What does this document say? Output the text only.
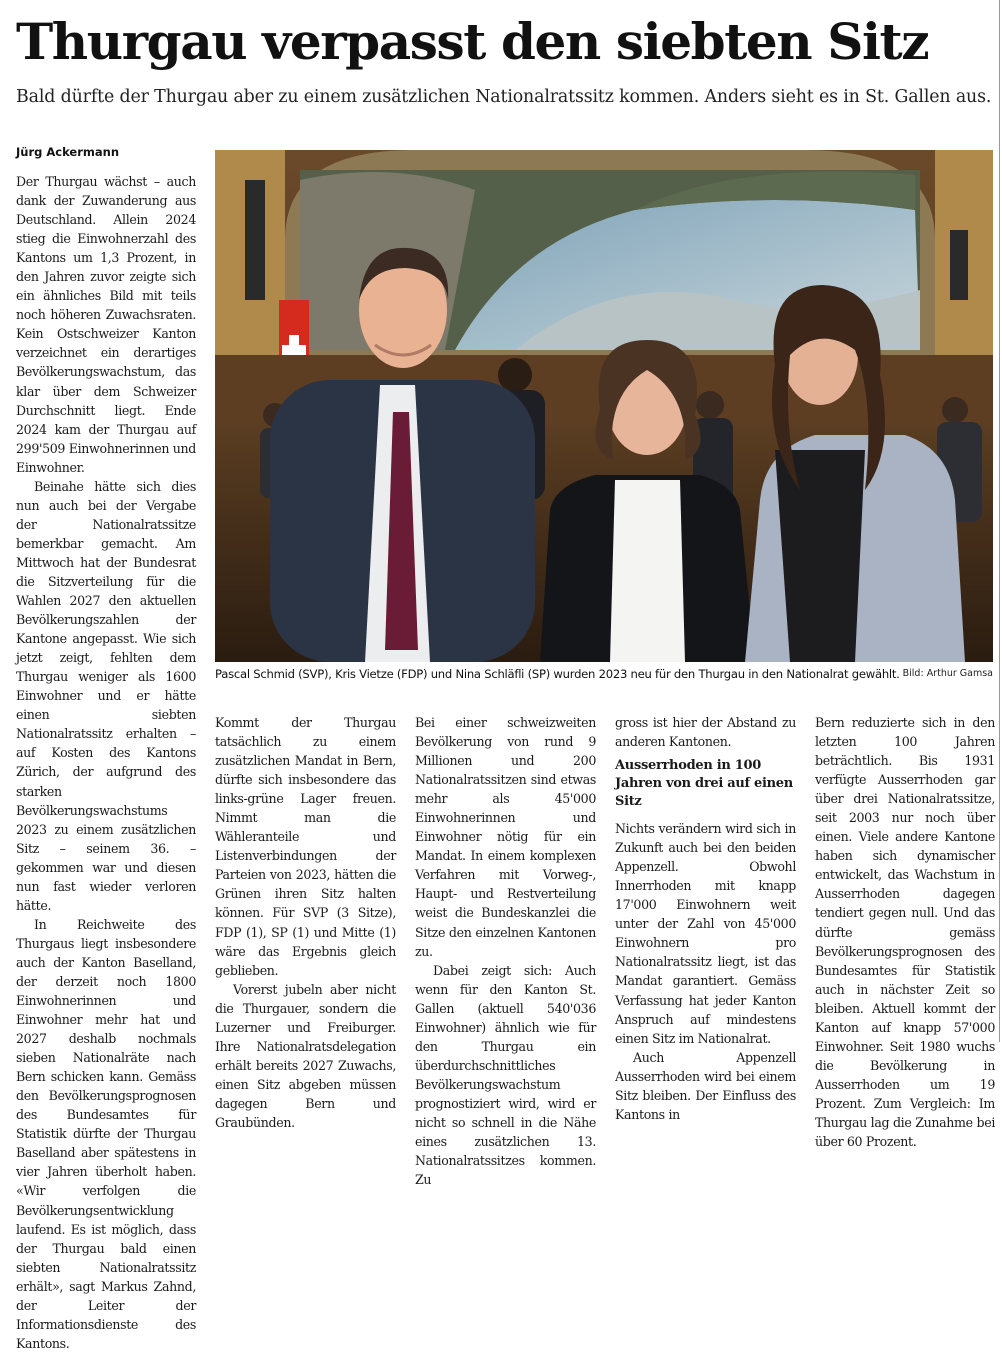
Thurgau verpasst den siebten Sitz
Bald dürfte der Thurgau aber zu einem zusätzlichen Nationalratssitz kommen. Anders sieht es in St. Gallen aus.
Jürg Ackermann

Der Thurgau wächst – auch dank der Zuwanderung aus Deutschland. Allein 2024 stieg die Einwohnerzahl des Kantons um 1,3 Prozent, in den Jahren zuvor zeigte sich ein ähnliches Bild mit teils noch höheren Zuwachsraten. Kein Ostschweizer Kanton verzeichnet ein derartiges Bevölkerungswachstum, das klar über dem Schweizer Durchschnitt liegt. Ende 2024 kam der Thurgau auf 299'509 Einwohnerinnen und Einwohner.

Beinahe hätte sich dies nun auch bei der Vergabe der Nationalratssitze bemerkbar gemacht. Am Mittwoch hat der Bundesrat die Sitzverteilung für die Wahlen 2027 den aktuellen Bevölkerungszahlen der Kantone angepasst. Wie sich jetzt zeigt, fehlten dem Thurgau weniger als 1600 Einwohner und er hätte einen siebten Nationalratssitz erhalten – auf Kosten des Kantons Zürich, der aufgrund des starken Bevölkerungswachstums 2023 zu einem zusätzlichen Sitz – seinem 36. – gekommen war und diesen nun fast wieder verloren hätte.

In Reichweite des Thurgaus liegt insbesondere auch der Kanton Baselland, der derzeit noch 1800 Einwohnerinnen und Einwohner mehr hat und 2027 deshalb nochmals sieben Nationalräte nach Bern schicken kann. Gemäss den Bevölkerungsprognosen des Bundesamtes für Statistik dürfte der Thurgau Baselland aber spätestens in vier Jahren überholt haben. «Wir verfolgen die Bevölkerungsentwicklung laufend. Es ist möglich, dass der Thurgau bald einen siebten Nationalratssitz erhält», sagt Markus Zahnd, der Leiter der Informationsdienste des Kantons.

Pascal Schmid (SVP), Kris Vietze (FDP) und Nina Schläfli (SP) wurden 2023 neu für den Thurgau in den Nationalrat gewählt. Bild: Arthur Gamsa

Kommt der Thurgau tatsächlich zu einem zusätzlichen Mandat in Bern, dürfte sich insbesondere das links-grüne Lager freuen. Nimmt man die Wähleranteile und Listenverbindungen der Parteien von 2023, hätten die Grünen ihren Sitz halten können. Für SVP (3 Sitze), FDP (1), SP (1) und Mitte (1) wäre das Ergebnis gleich geblieben.

Vorerst jubeln aber nicht die Thurgauer, sondern die Luzerner und Freiburger. Ihre Nationalratsdelegation erhält bereits 2027 Zuwachs, einen Sitz abgeben müssen dagegen Bern und Graubünden.

Bei einer schweizweiten Bevölkerung von rund 9 Millionen und 200 Nationalratssitzen sind etwas mehr als 45'000 Einwohnerinnen und Einwohner nötig für ein Mandat. In einem komplexen Verfahren mit Vorweg-, Haupt- und Restverteilung weist die Bundeskanzlei die Sitze den einzelnen Kantonen zu.

Dabei zeigt sich: Auch wenn für den Kanton St. Gallen (aktuell 540'036 Einwohner) ähnlich wie für den Thurgau ein überdurchschnittliches Bevölkerungswachstum prognostiziert wird, wird er nicht so schnell in die Nähe eines zusätzlichen 13. Nationalratssitzes kommen. Zu

gross ist hier der Abstand zu anderen Kantonen.

Ausserrhoden in 100 Jahren von drei auf einen Sitz

Nichts verändern wird sich in Zukunft auch bei den beiden Appenzell. Obwohl Innerrhoden mit knapp 17'000 Einwohnern weit unter der Zahl von 45'000 Einwohnern pro Nationalratssitz liegt, ist das Mandat garantiert. Gemäss Verfassung hat jeder Kanton Anspruch auf mindestens einen Sitz im Nationalrat.

Auch Appenzell Ausserrhoden wird bei einem Sitz bleiben. Der Einfluss des Kantons in

Bern reduzierte sich in den letzten 100 Jahren beträchtlich. Bis 1931 verfügte Ausserrhoden gar über drei Nationalratssitze, seit 2003 nur noch über einen. Viele andere Kantone haben sich dynamischer entwickelt, das Wachstum in Ausserrhoden dagegen tendiert gegen null. Und das dürfte gemäss Bevölkerungsprognosen des Bundesamtes für Statistik auch in nächster Zeit so bleiben. Aktuell kommt der Kanton auf knapp 57'000 Einwohner. Seit 1980 wuchs die Bevölkerung in Ausserrhoden um 19 Prozent. Zum Vergleich: Im Thurgau lag die Zunahme bei über 60 Prozent.
